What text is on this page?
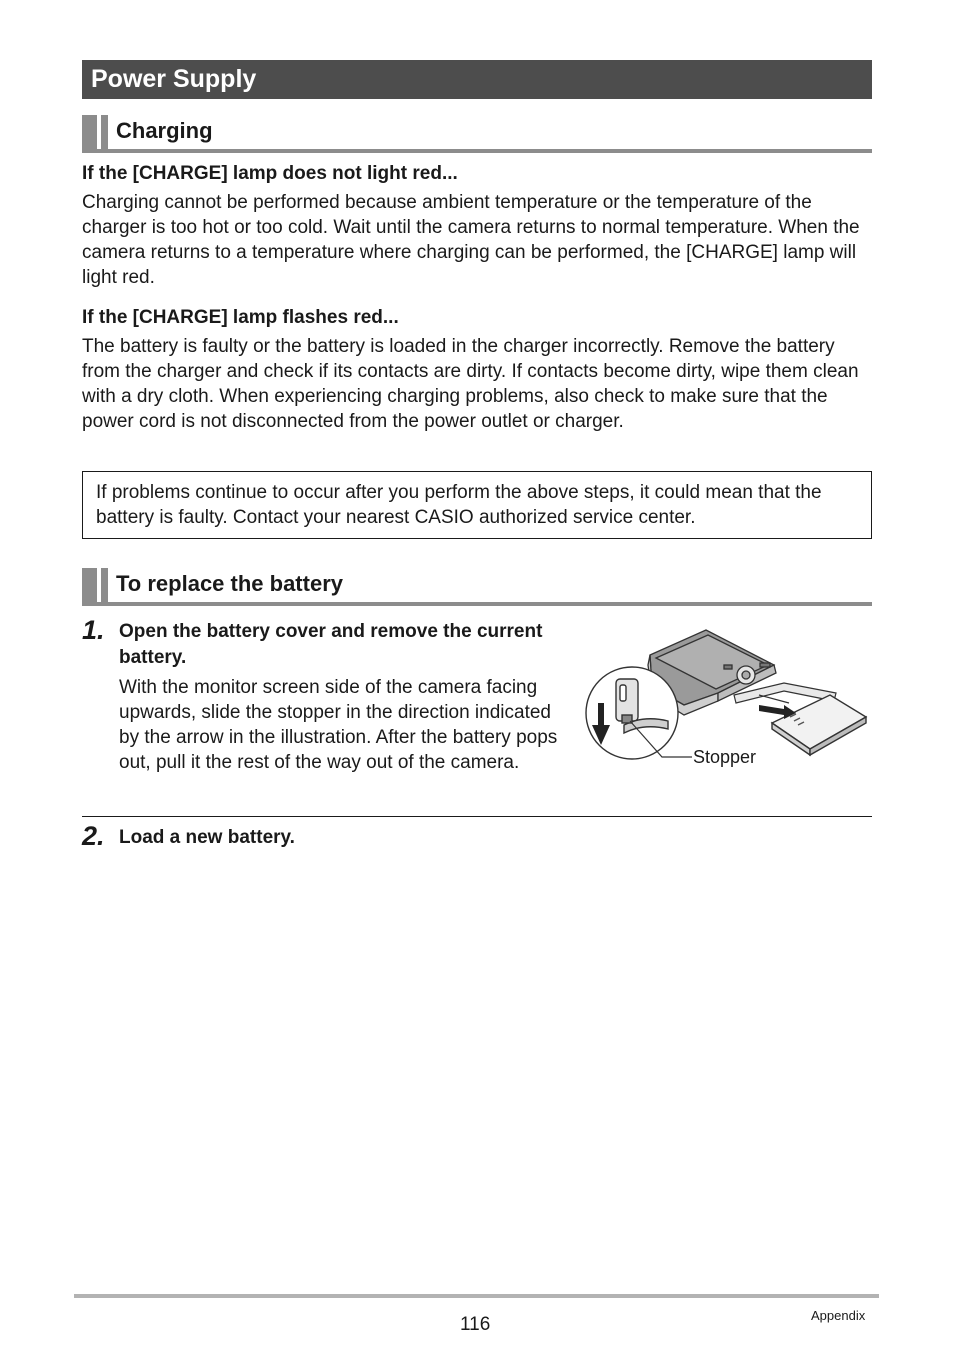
Power Supply
Charging
If the [CHARGE] lamp does not light red...

Charging cannot be performed because ambient temperature or the temperature of the charger is too hot or too cold. Wait until the camera returns to normal temperature. When the camera returns to a temperature where charging can be performed, the [CHARGE] lamp will light red.

If the [CHARGE] lamp flashes red...

The battery is faulty or the battery is loaded in the charger incorrectly. Remove the battery from the charger and check if its contacts are dirty. If contacts become dirty, wipe them clean with a dry cloth. When experiencing charging problems, also check to make sure that the power cord is not disconnected from the power outlet or charger.

If problems continue to occur after you perform the above steps, it could mean that the battery is faulty. Contact your nearest CASIO authorized service center.
To replace the battery
1. Open the battery cover and remove the current battery.
With the monitor screen side of the camera facing upwards, slide the stopper in the direction indicated by the arrow in the illustration. After the battery pops out, pull it the rest of the way out of the camera.	Stopper
2. Load a new battery.
116	Appendix
